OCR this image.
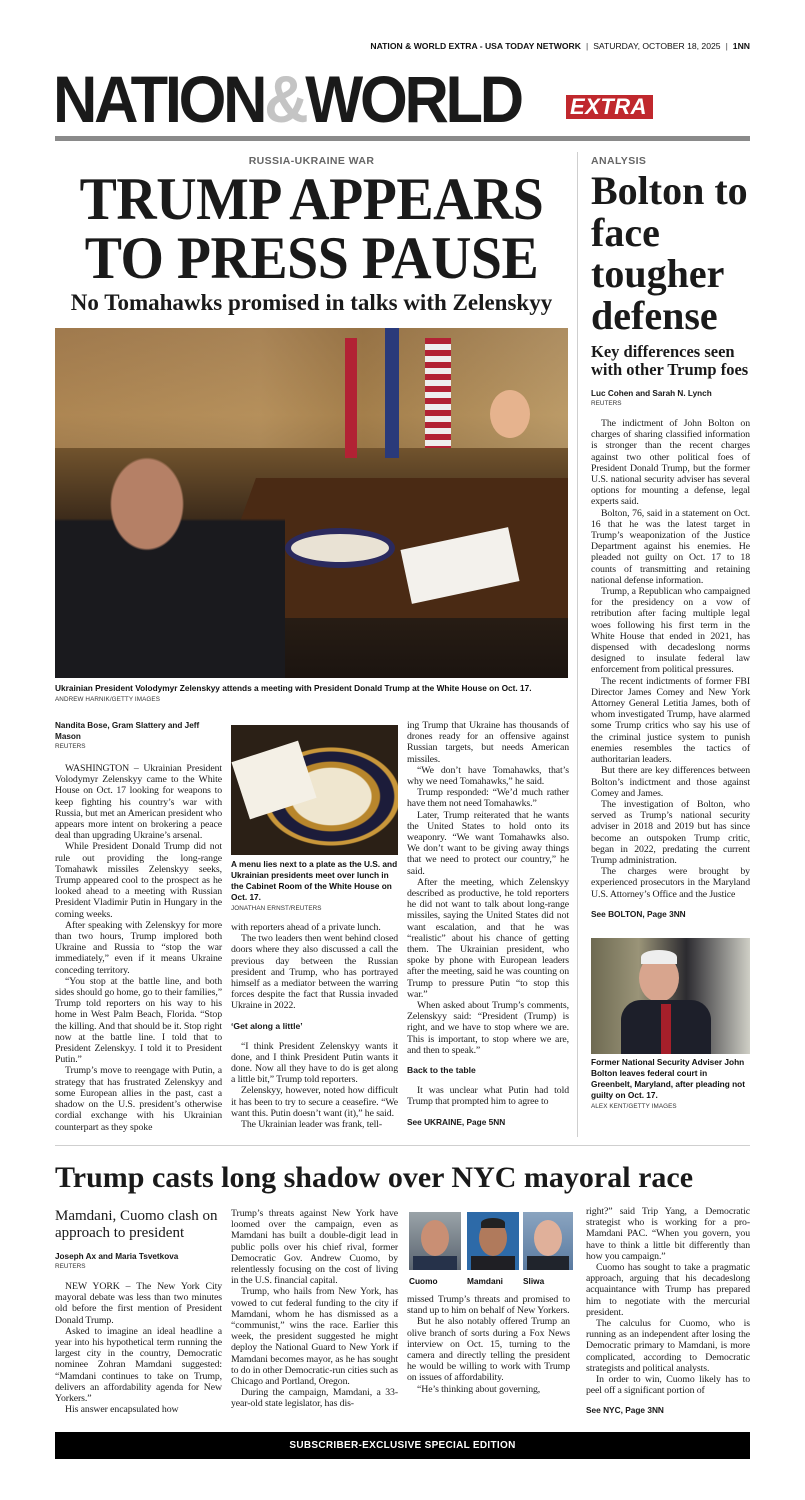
NATION & WORLD EXTRA - USA TODAY NETWORK | SATURDAY, OCTOBER 18, 2025 | 1NN
NATION&WORLD EXTRA
RUSSIA-UKRAINE WAR
TRUMP APPEARS
TO PRESS PAUSE
No Tomahawks promised in talks with Zelenskyy
Ukrainian President Volodymyr Zelenskyy attends a meeting with President Donald Trump at the White House on Oct. 17.
ANDREW HARNIK/GETTY IMAGES
Nandita Bose, Gram Slattery and Jeff Mason
REUTERS

WASHINGTON – Ukrainian President Volodymyr Zelenskyy came to the White House on Oct. 17 looking for weapons to keep fighting his country’s war with Russia, but met an American president who appears more intent on brokering a peace deal than upgrading Ukraine’s arsenal.

While President Donald Trump did not rule out providing the long-range Tomahawk missiles Zelenskyy seeks, Trump appeared cool to the prospect as he looked ahead to a meeting with Russian President Vladimir Putin in Hungary in the coming weeks.

After speaking with Zelenskyy for more than two hours, Trump implored both Ukraine and Russia to “stop the war immediately,” even if it means Ukraine conceding territory.

“You stop at the battle line, and both sides should go home, go to their families,” Trump told reporters on his way to his home in West Palm Beach, Florida. “Stop the killing. And that should be it. Stop right now at the battle line. I told that to President Zelenskyy. I told it to President Putin.”

Trump’s move to reengage with Putin, a strategy that has frustrated Zelenskyy and some European allies in the past, cast a shadow on the U.S. president’s otherwise cordial exchange with his Ukrainian counterpart as they spoke

A menu lies next to a plate as the U.S. and Ukrainian presidents meet over lunch in the Cabinet Room of the White House on Oct. 17.
JONATHAN ERNST/REUTERS

with reporters ahead of a private lunch.

The two leaders then went behind closed doors where they also discussed a call the previous day between the Russian president and Trump, who has portrayed himself as a mediator between the warring forces despite the fact that Russia invaded Ukraine in 2022.

‘Get along a little’

“I think President Zelenskyy wants it done, and I think President Putin wants it done. Now all they have to do is get along a little bit,” Trump told reporters.

Zelenskyy, however, noted how difficult it has been to try to secure a ceasefire. “We want this. Putin doesn’t want (it),” he said.

The Ukrainian leader was frank, tell-

ing Trump that Ukraine has thousands of drones ready for an offensive against Russian targets, but needs American missiles.

“We don’t have Tomahawks, that’s why we need Tomahawks,” he said.

Trump responded: “We’d much rather have them not need Tomahawks.”

Later, Trump reiterated that he wants the United States to hold onto its weaponry. “We want Tomahawks also. We don’t want to be giving away things that we need to protect our country,” he said.

After the meeting, which Zelenskyy described as productive, he told reporters he did not want to talk about long-range missiles, saying the United States did not want escalation, and that he was “realistic” about his chance of getting them. The Ukrainian president, who spoke by phone with European leaders after the meeting, said he was counting on Trump to pressure Putin “to stop this war.”

When asked about Trump’s comments, Zelenskyy said: “President (Trump) is right, and we have to stop where we are. This is important, to stop where we are, and then to speak.”

Back to the table

It was unclear what Putin had told Trump that prompted him to agree to

See UKRAINE, Page 5NN
ANALYSIS
Bolton to face tougher defense
Key differences seen with other Trump foes
Luc Cohen and Sarah N. Lynch
REUTERS

The indictment of John Bolton on charges of sharing classified information is stronger than the recent charges against two other political foes of President Donald Trump, but the former U.S. national security adviser has several options for mounting a defense, legal experts said.

Bolton, 76, said in a statement on Oct. 16 that he was the latest target in Trump’s weaponization of the Justice Department against his enemies. He pleaded not guilty on Oct. 17 to 18 counts of transmitting and retaining national defense information.

Trump, a Republican who campaigned for the presidency on a vow of retribution after facing multiple legal woes following his first term in the White House that ended in 2021, has dispensed with decadeslong norms designed to insulate federal law enforcement from political pressures.

The recent indictments of former FBI Director James Comey and New York Attorney General Letitia James, both of whom investigated Trump, have alarmed some Trump critics who say his use of the criminal justice system to punish enemies resembles the tactics of authoritarian leaders.

But there are key differences between Bolton’s indictment and those against Comey and James.

The investigation of Bolton, who served as Trump’s national security adviser in 2018 and 2019 but has since become an outspoken Trump critic, began in 2022, predating the current Trump administration.

The charges were brought by experienced prosecutors in the Maryland U.S. Attorney’s Office and the Justice

See BOLTON, Page 3NN
Former National Security Adviser John Bolton leaves federal court in Greenbelt, Maryland, after pleading not guilty on Oct. 17.
ALEX KENT/GETTY IMAGES
Trump casts long shadow over NYC mayoral race
Mamdani, Cuomo clash on approach to president
Joseph Ax and Maria Tsvetkova
REUTERS

NEW YORK – The New York City mayoral debate was less than two minutes old before the first mention of President Donald Trump.

Asked to imagine an ideal headline a year into his hypothetical term running the largest city in the country, Democratic nominee Zohran Mamdani suggested: “Mamdani continues to take on Trump, delivers an affordability agenda for New Yorkers.”

His answer encapsulated how

Trump’s threats against New York have loomed over the campaign, even as Mamdani has built a double-digit lead in public polls over his chief rival, former Democratic Gov. Andrew Cuomo, by relentlessly focusing on the cost of living in the U.S. financial capital.

Trump, who hails from New York, has vowed to cut federal funding to the city if Mamdani, whom he has dismissed as a “communist,” wins the race. Earlier this week, the president suggested he might deploy the National Guard to New York if Mamdani becomes mayor, as he has sought to do in other Democratic-run cities such as Chicago and Portland, Oregon.

During the campaign, Mamdani, a 33-year-old state legislator, has dis-

Cuomo	Mamdani Sliwa

missed Trump’s threats and promised to stand up to him on behalf of New Yorkers.

But he also notably offered Trump an olive branch of sorts during a Fox News interview on Oct. 15, turning to the camera and directly telling the president he would be willing to work with Trump on issues of affordability.

“He’s thinking about governing,

right?” said Trip Yang, a Democratic strategist who is working for a pro-Mamdani PAC. “When you govern, you have to think a little bit differently than how you campaign.”

Cuomo has sought to take a pragmatic approach, arguing that his decadeslong acquaintance with Trump has prepared him to negotiate with the mercurial president.

The calculus for Cuomo, who is running as an independent after losing the Democratic primary to Mamdani, is more complicated, according to Democratic strategists and political analysts.

In order to win, Cuomo likely has to peel off a significant portion of

See NYC, Page 3NN
SUBSCRIBER-EXCLUSIVE SPECIAL EDITION
